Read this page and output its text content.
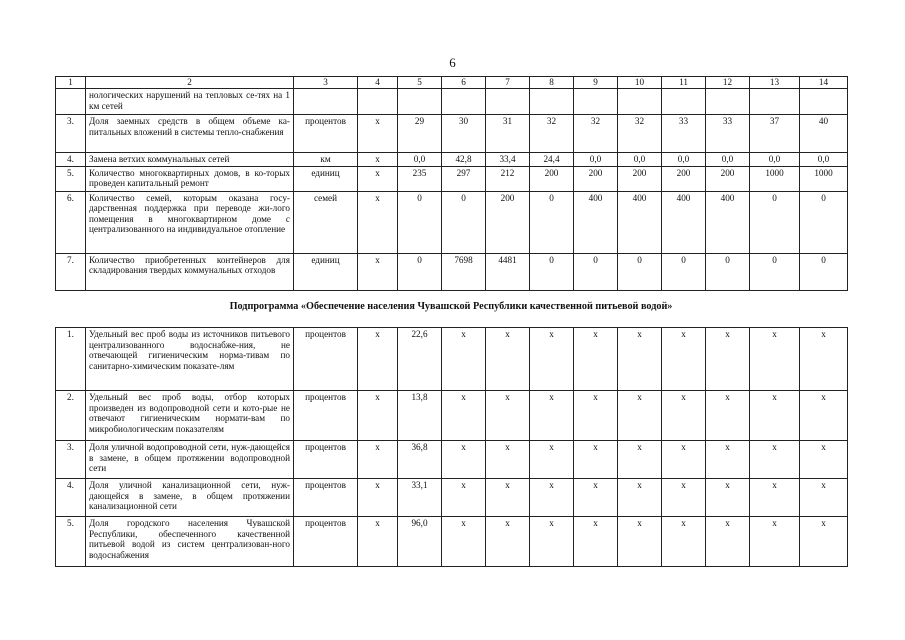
6
1	2	3	4	5	6	7	8	9	10	11	12	13	14
	нологических нарушений на тепловых се-тях на 1 км сетей												
3.	Доля заемных средств в общем объеме ка-питальных вложений в системы тепло-снабжения	процентов	х	29	30	31	32	32	32	33	33	37	40
4.	Замена ветхих коммунальных сетей	км	х	0,0	42,8	33,4	24,4	0,0	0,0	0,0	0,0	0,0	0,0
5.	Количество многоквартирных домов, в ко-торых проведен капитальный ремонт	единиц	х	235	297	212	200	200	200	200	200	1000	1000
6.	Количество семей, которым оказана госу-дарственная поддержка при переводе жи-лого помещения в многоквартирном доме с централизованного на индивидуальное отопление	семей	х	0	0	200	0	400	400	400	400	0	0
7.	Количество приобретенных контейнеров для складирования твердых коммунальных отходов	единиц	х	0	7698	4481	0	0	0	0	0	0	0
Подпрограмма «Обеспечение населения Чувашской Республики качественной питьевой водой»
1.	Удельный вес проб воды из источников питьевого централизованного водоснабже-ния, не отвечающей гигиеническим норма-тивам по санитарно-химическим показате-лям	процентов	х	22,6	х	х	х	х	х	х	х	х	х
2.	Удельный вес проб воды, отбор которых произведен из водопроводной сети и кото-рые не отвечают гигиеническим нормати-вам по микробиологическим показателям	процентов	х	13,8	х	х	х	х	х	х	х	х	х
3.	Доля уличной водопроводной сети, нуж-дающейся в замене, в общем протяжении водопроводной сети	процентов	х	36,8	х	х	х	х	х	х	х	х	х
4.	Доля уличной канализационной сети, нуж-дающейся в замене, в общем протяжении канализационной сети	процентов	х	33,1	х	х	х	х	х	х	х	х	х
5.	Доля городского населения Чувашской Республики, обеспеченного качественной питьевой водой из систем централизован-ного водоснабжения	процентов	х	96,0	х	х	х	х	х	х	х	х	х
